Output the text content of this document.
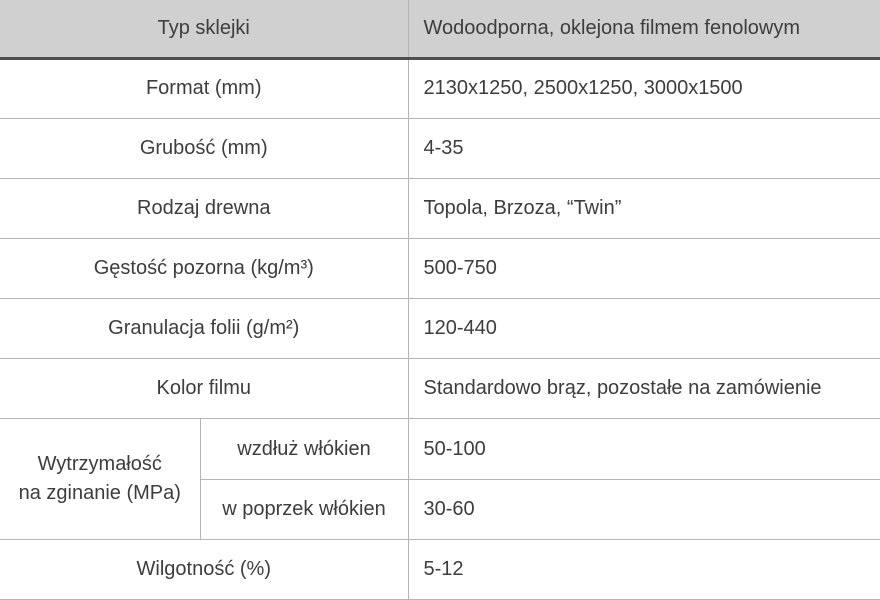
Typ sklejki		Wodoodporna, oklejona filmem fenolowym
Format (mm)		2130x1250, 2500x1250, 3000x1500
Grubość (mm)		4-35
Rodzaj drewna		Topola, Brzoza, “Twin”
Gęstość pozorna (kg/m³)		500-750
Granulacja folii (g/m²)		120-440
Kolor filmu		Standardowo brąz, pozostałe na zamówienie

Wytrzymałość
na zginanie (MPa)	wzdłuż włókien	50-100
	w poprzek włókien	30-60
Wilgotność (%)		5-12
